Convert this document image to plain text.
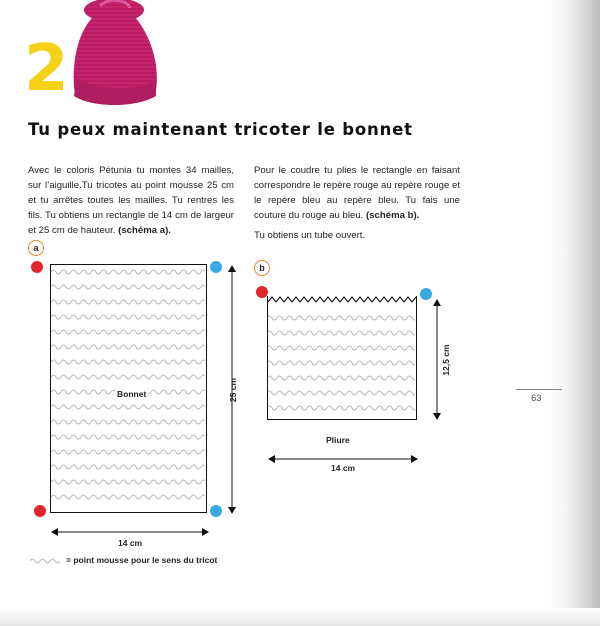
2
Tu peux maintenant tricoter le bonnet
Avec le coloris Pétunia tu montes 34 mailles, sur l’aiguille.Tu tricotes au point mousse 25 cm et tu arrêtes toutes les mailles. Tu rentres les fils. Tu obtiens un rectangle de 14 cm de largeur et 25 cm de hauteur. (schéma a).
Pour le coudre tu plies le rectangle en faisant correspondre le repère rouge au repère rouge et le repère bleu au repère bleu. Tu fais une couture du rouge au bleu. (schéma b).
Tu obtiens un tube ouvert.
a
Bonnet	25 cm
14 cm
= point mousse pour le sens du tricot
b
12,5 cm
Pliure
14 cm
63
